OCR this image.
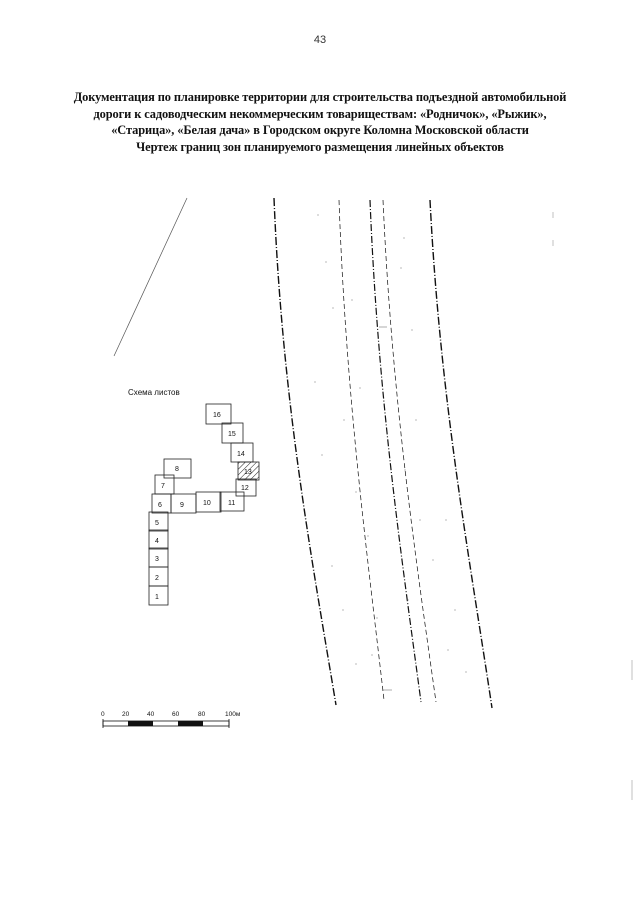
43
Документация по планировке территории для строительства подъездной автомобильной
дороги к садоводческим некоммерческим товариществам: «Родничок», «Рыжик»,
«Старица», «Белая дача» в Городском округе Коломна Московской области
Чертеж границ зон планируемого размещения линейных объектов
Схема листов
1
2
3
4
5
6
7
8
9	10 11
12
13
14
15
16
0	20	40	60	80	100м
